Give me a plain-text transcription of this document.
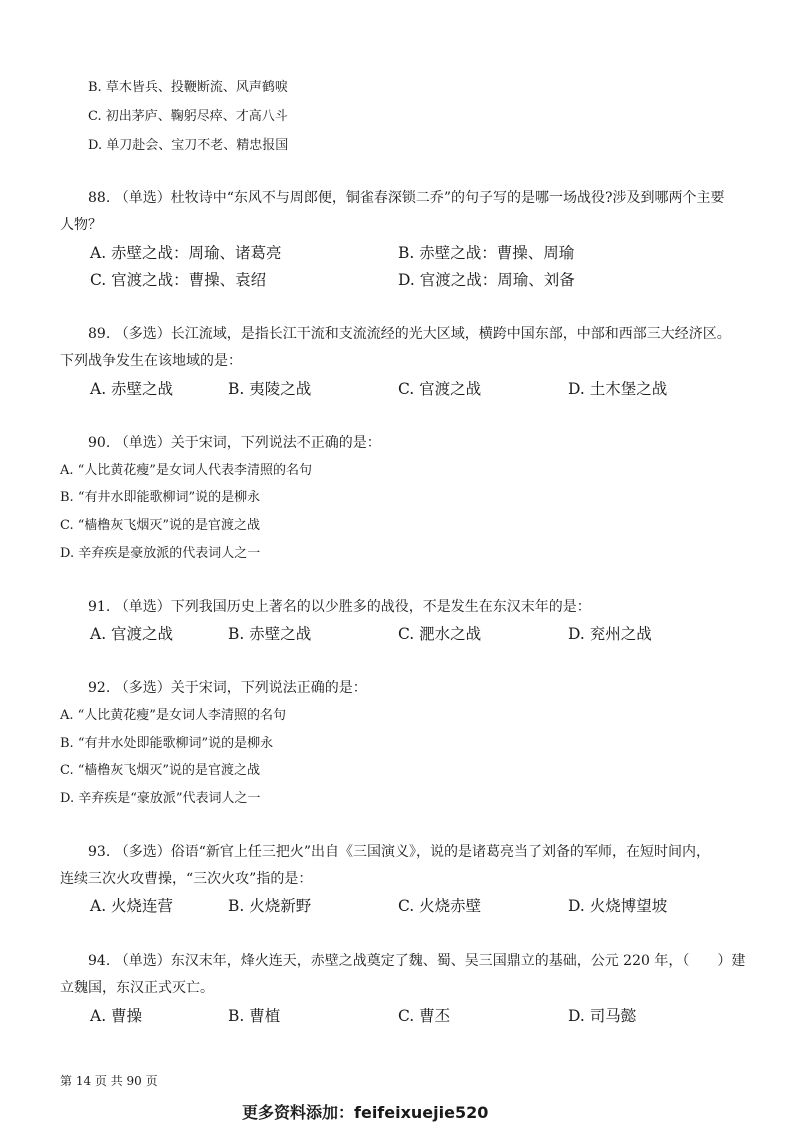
B. 草木皆兵、投鞭断流、风声鹤唳
C. 初出茅庐、鞠躬尽瘁、才高八斗
D. 单刀赴会、宝刀不老、精忠报国
88. （单选）杜牧诗中“东风不与周郎便，铜雀春深锁二乔”的句子写的是哪一场战役?涉及到哪两个主要
人物？
A. 赤壁之战：周瑜、诸葛亮	B. 赤壁之战：曹操、周瑜
C. 官渡之战：曹操、袁绍	D. 官渡之战：周瑜、刘备
89. （多选）长江流域，是指长江干流和支流流经的光大区域，横跨中国东部，中部和西部三大经济区。
下列战争发生在该地域的是：
A. 赤壁之战	B. 夷陵之战	C. 官渡之战	D. 土木堡之战
90. （单选）关于宋词，下列说法不正确的是：
A. “人比黄花瘦”是女词人代表李清照的名句
B. “有井水即能歌柳词”说的是柳永
C. “樯橹灰飞烟灭”说的是官渡之战
D. 辛弃疾是豪放派的代表词人之一
91. （单选）下列我国历史上著名的以少胜多的战役，不是发生在东汉末年的是：
A. 官渡之战	B. 赤壁之战	C. 淝水之战	D. 兖州之战
92. （多选）关于宋词，下列说法正确的是：
A. “人比黄花瘦”是女词人李清照的名句
B. “有井水处即能歌柳词”说的是柳永
C. “樯橹灰飞烟灭”说的是官渡之战
D. 辛弃疾是“豪放派”代表词人之一
93. （多选）俗语“新官上任三把火”出自《三国演义》，说的是诸葛亮当了刘备的军师，在短时间内，
连续三次火攻曹操，“三次火攻”指的是：
A. 火烧连营	B. 火烧新野	C. 火烧赤壁	D. 火烧博望坡
94. （单选）东汉末年，烽火连天，赤壁之战奠定了魏、蜀、吴三国鼎立的基础，公元 220 年，（　　）建
立魏国，东汉正式灭亡。
A. 曹操	B. 曹植	C. 曹丕	D. 司马懿
第 14 页 共 90 页
更多资料添加：feifeixuejie520
